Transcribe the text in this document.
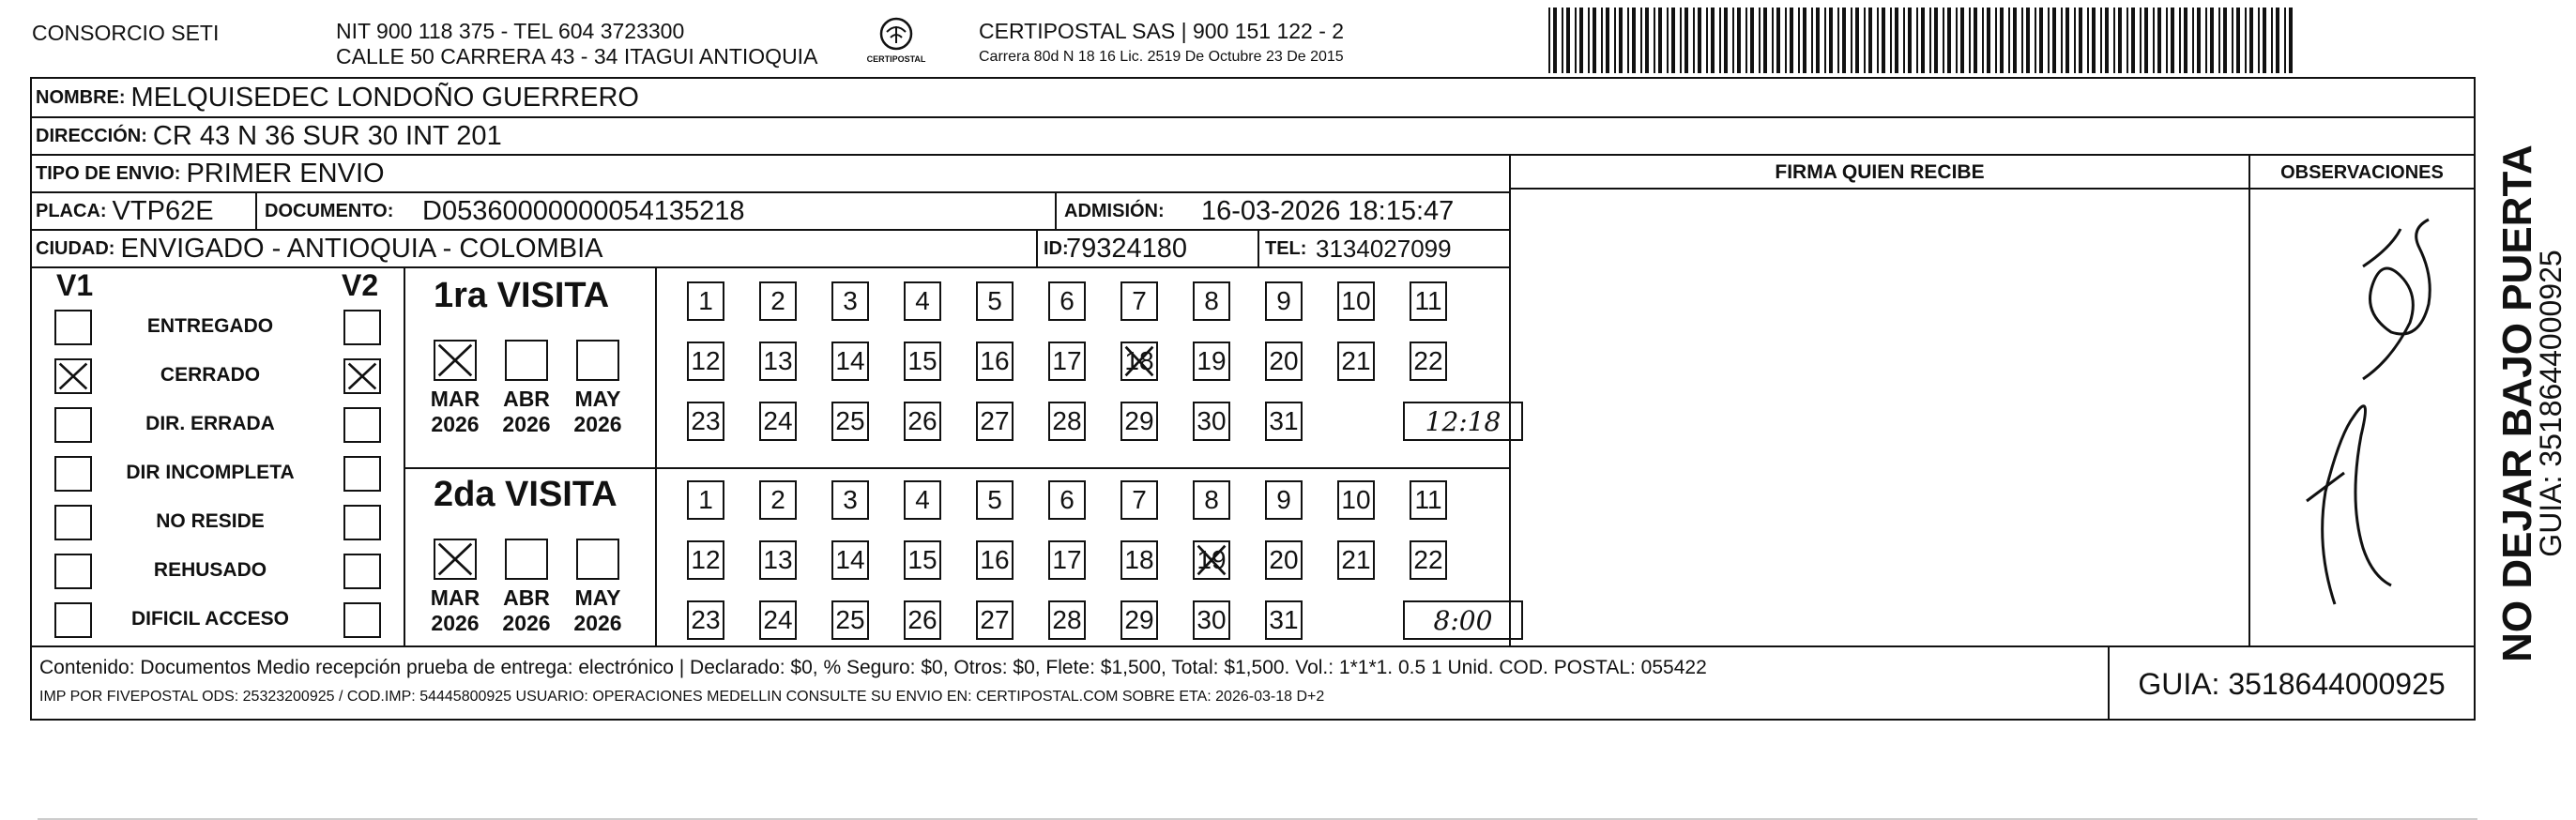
CONSORCIO SETI	NIT 900 118 375 - TEL 604 3723300
CALLE 50 CARRERA 43 - 34 ITAGUI ANTIOQUIA	CERTIPOSTAL
CERTIPOSTAL SAS | 900 151 122 - 2
Carrera 80d N 18 16 Lic. 2519 De Octubre 23 De 2015
NOMBRE: MELQUISEDEC LONDOÑO GUERRERO
DIRECCIÓN: CR 43 N 36 SUR 30 INT 201
TIPO DE ENVIO: PRIMER ENVIO
PLACA: VTP62E	DOCUMENTO: D05360000000054135218	ADMISIÓN: 16-03-2026 18:15:47
CIUDAD: ENVIGADO - ANTIOQUIA - COLOMBIA	ID:
79324180	TEL: 3134027099
FIRMA QUIEN RECIBE	OBSERVACIONES
V1	V2
ENTREGADO
CERRADO
DIR. ERRADA
DIR INCOMPLETA
NO RESIDE
REHUSADO
DIFICIL ACCESO
1ra VISITA
MAR
2026
ABR
2026
MAY
2026
1	2	3	4	5	6	7	8	9	10 11
12 13 14 15 16 17 18 19 20 21 22
23 24 25 26 27 28 29 30 31	12:18
2da VISITA
MAR
2026
ABR
2026
MAY
2026
1	2	3	4	5	6	7	8	9	10 11
12 13 14 15 16 17 18 19 20 21 22
23 24 25 26 27 28 29 30 31	8:00
Contenido: Documentos Medio recepción prueba de entrega: electrónico | Declarado: $0, % Seguro: $0, Otros: $0, Flete: $1,500, Total: $1,500. Vol.: 1*1*1. 0.5 1 Unid. COD. POSTAL: 055422
IMP POR FIVEPOSTAL ODS: 25323200925 / COD.IMP: 54445800925 USUARIO: OPERACIONES MEDELLIN CONSULTE SU ENVIO EN: CERTIPOSTAL.COM SOBRE ETA: 2026-03-18 D+2	GUIA: 3518644000925
NO DEJAR BAJO PUERTA
GUIA: 3518644000925
